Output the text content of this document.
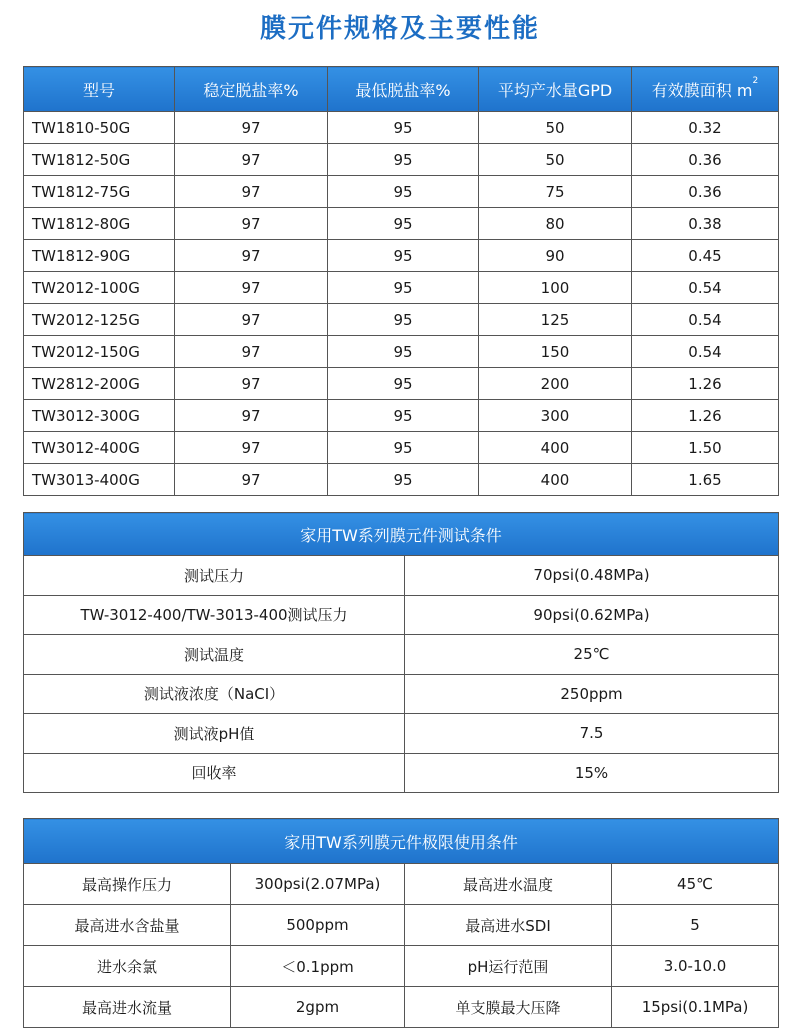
膜元件规格及主要性能
型号	稳定脱盐率%	最低脱盐率%	平均产水量GPD	有效膜面积 $m^2$
TW1810-50G	97	95	50	0.32
TW1812-50G	97	95	50	0.36
TW1812-75G	97	95	75	0.36
TW1812-80G	97	95	80	0.38
TW1812-90G	97	95	90	0.45
TW2012-100G	97	95	100	0.54
TW2012-125G	97	95	125	0.54
TW2012-150G	97	95	150	0.54
TW2812-200G	97	95	200	1.26
TW3012-300G	97	95	300	1.26
TW3012-400G	97	95	400	1.50
TW3013-400G	97	95	400	1.65
家用TW系列膜元件测试条件	
测试压力	70psi(0.48MPa)
TW-3012-400/TW-3013-400测试压力	90psi(0.62MPa)
测试温度	25℃
测试液浓度（NaCI）	250ppm
测试液pH值	7.5
回收率	15%
家用TW系列膜元件极限使用条件			
最高操作压力	300psi(2.07MPa)	最高进水温度	45℃
最高进水含盐量	500ppm	最高进水SDI	5
进水余氯	＜0.1ppm	pH运行范围	3.0-10.0
最高进水流量	2gpm	单支膜最大压降	15psi(0.1MPa)
